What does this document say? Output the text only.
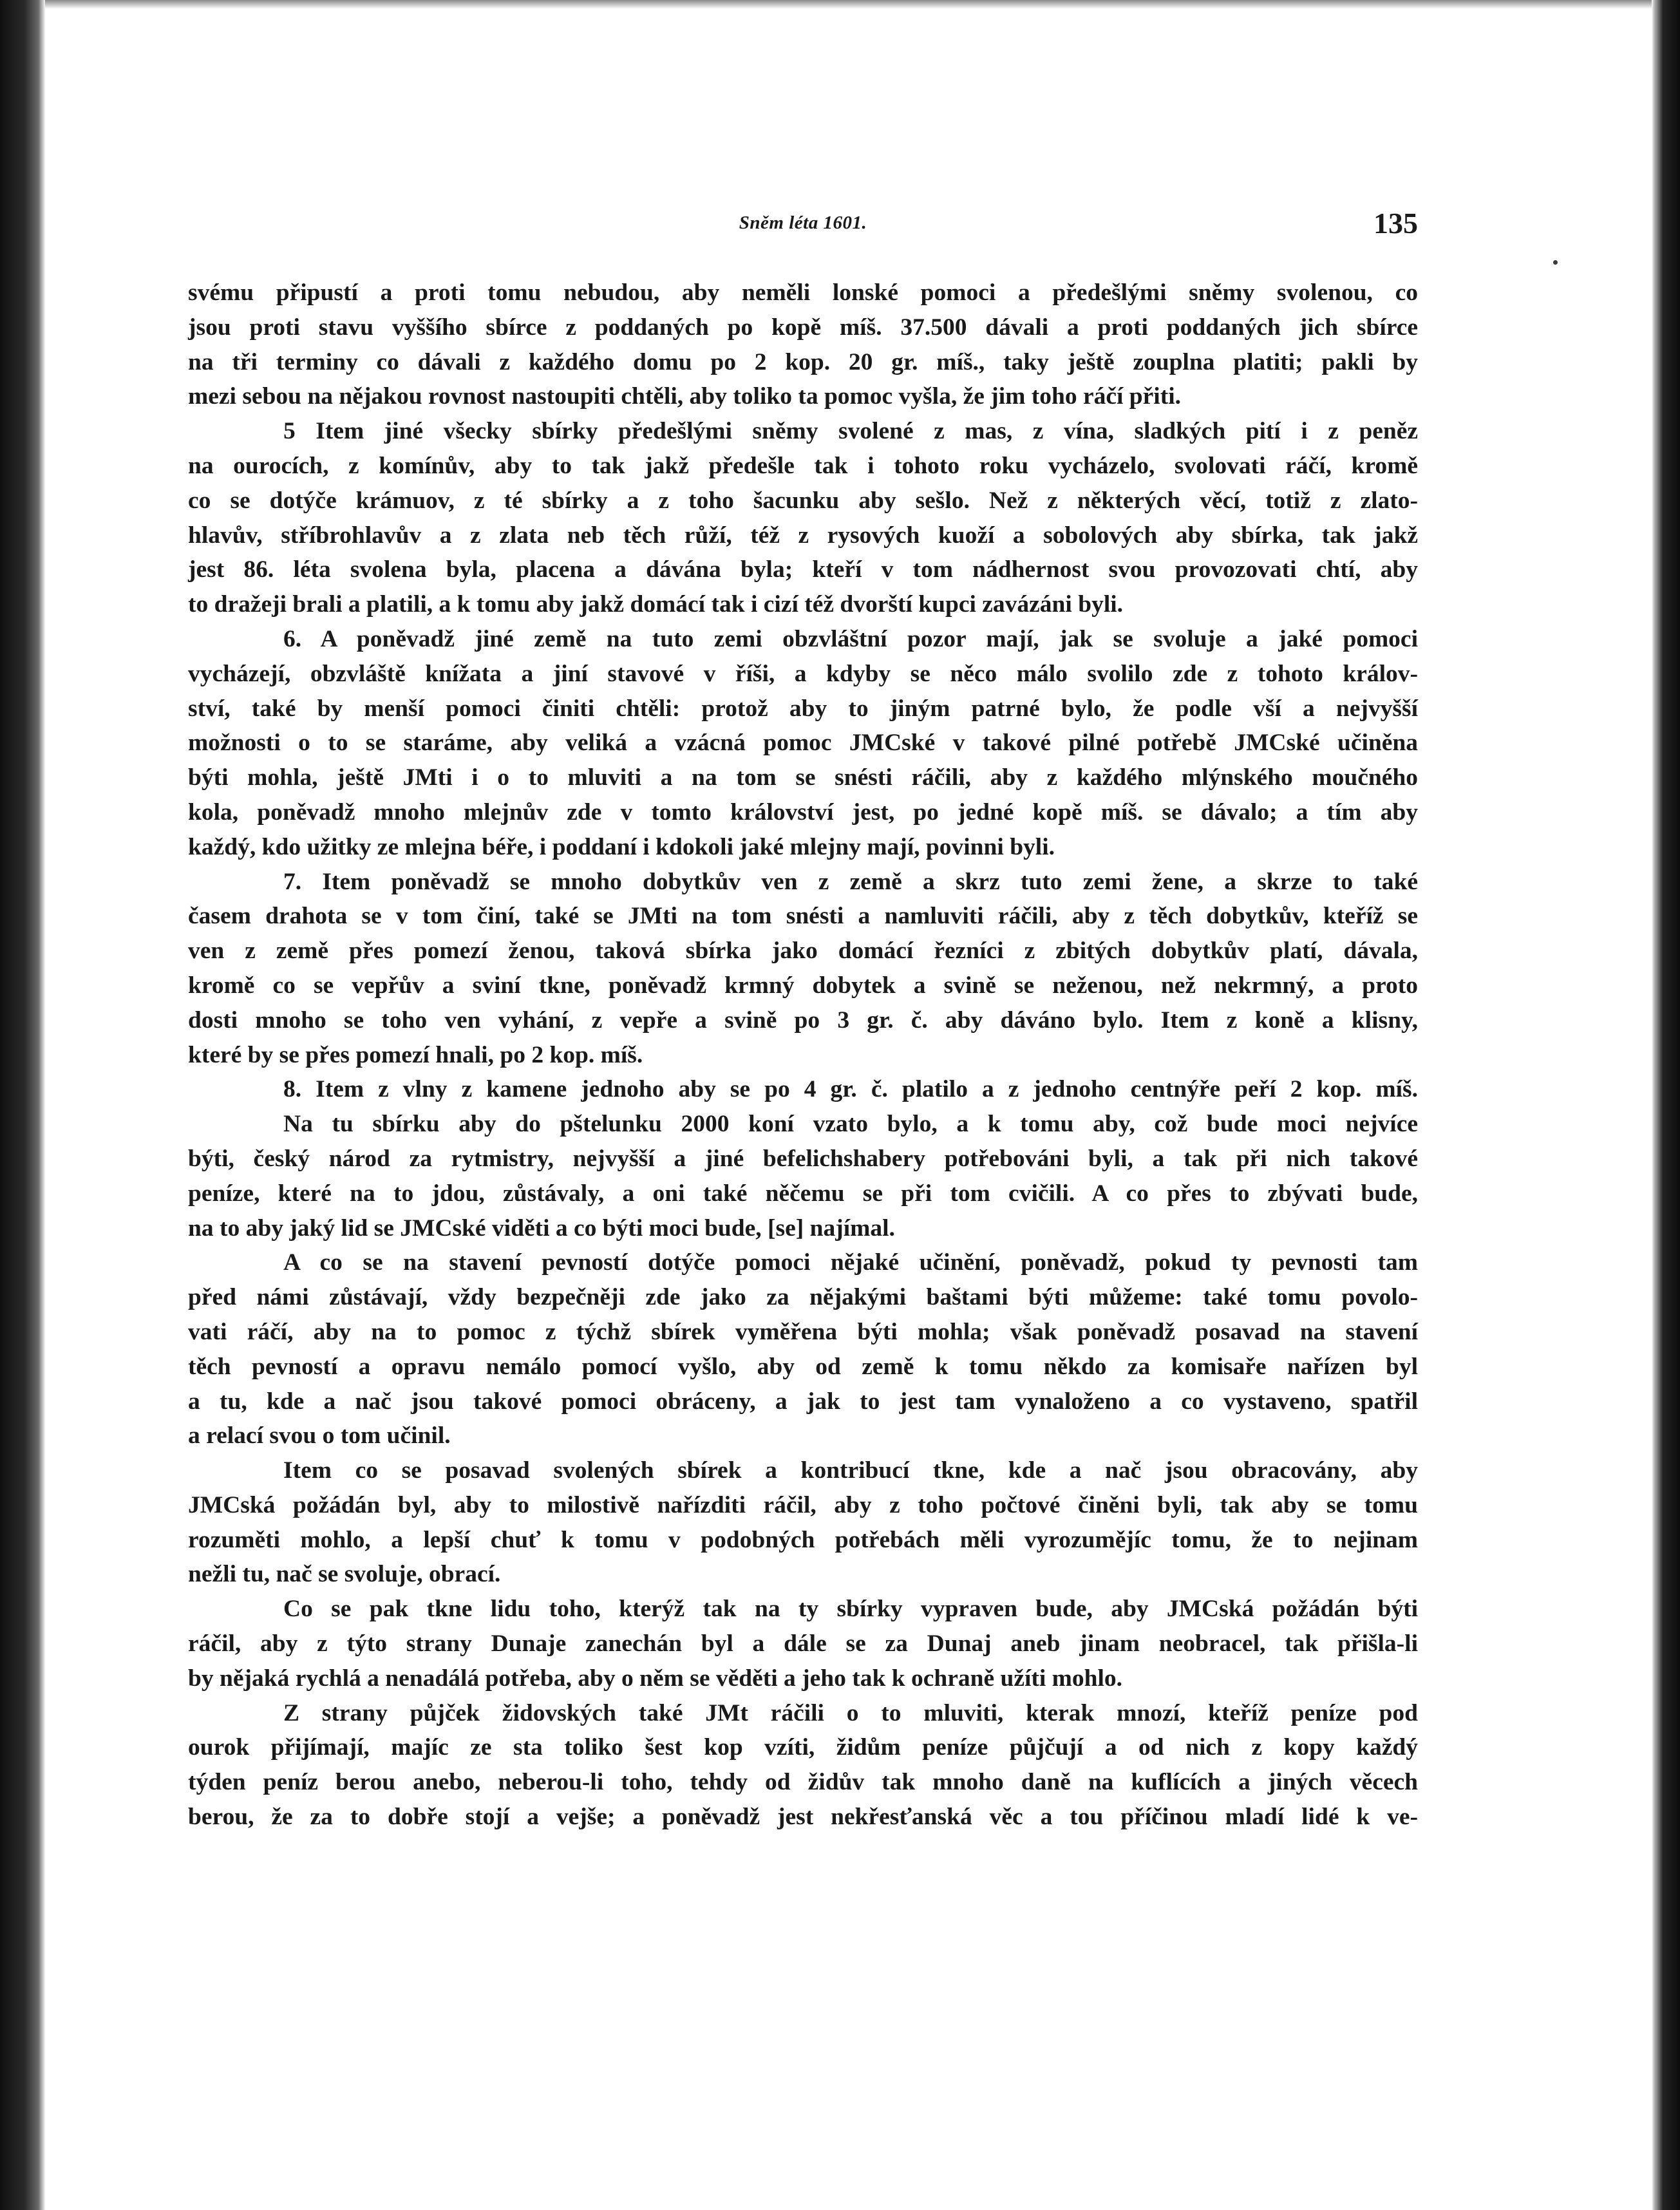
Sněm léta 1601.	135
svému připustí a proti tomu nebudou, aby neměli lonské pomoci a předešlými sněmy svolenou, co
jsou proti stavu vyššího sbírce z poddaných po kopě míš. 37.500 dávali a proti poddaných jich sbírce
na tři terminy co dávali z každého domu po 2 kop. 20 gr. míš., taky ještě zouplna platiti; pakli by
mezi sebou na nějakou rovnost nastoupiti chtěli, aby toliko ta pomoc vyšla, že jim toho ráčí přiti.
5 Item jiné všecky sbírky předešlými sněmy svolené z mas, z vína, sladkých pití i z peněz
na ourocích, z komínův, aby to tak jakž předešle tak i tohoto roku vycházelo, svolovati ráčí, kromě
co se dotýče krámuov, z té sbírky a z toho šacunku aby sešlo. Než z některých věcí, totiž z zlato-
hlavův, stříbrohlavův a z zlata neb těch růží, též z rysových kuoží a sobolových aby sbírka, tak jakž
jest 86. léta svolena byla, placena a dávána byla; kteří v tom nádhernost svou provozovati chtí, aby
to dražeji brali a platili, a k tomu aby jakž domácí tak i cizí též dvorští kupci zavázáni byli.
6. A poněvadž jiné země na tuto zemi obzvláštní pozor mají, jak se svoluje a jaké pomoci
vycházejí, obzvláště knížata a jiní stavové v říši, a kdyby se něco málo svolilo zde z tohoto králov-
ství, také by menší pomoci činiti chtěli: protož aby to jiným patrné bylo, že podle vší a nejvyšší
možnosti o to se staráme, aby veliká a vzácná pomoc JMCské v takové pilné potřebě JMCské učiněna
býti mohla, ještě JMti i o to mluviti a na tom se snésti ráčili, aby z každého mlýnského moučného
kola, poněvadž mnoho mlejnův zde v tomto království jest, po jedné kopě míš. se dávalo; a tím aby
každý, kdo užitky ze mlejna béře, i poddaní i kdokoli jaké mlejny mají, povinni byli.
7. Item poněvadž se mnoho dobytkův ven z země a skrz tuto zemi žene, a skrze to také
časem drahota se v tom činí, také se JMti na tom snésti a namluviti ráčili, aby z těch dobytkův, kteříž se
ven z země přes pomezí ženou, taková sbírka jako domácí řezníci z zbitých dobytkův platí, dávala,
kromě co se vepřův a sviní tkne, poněvadž krmný dobytek a svině se neženou, než nekrmný, a proto
dosti mnoho se toho ven vyhání, z vepře a svině po 3 gr. č. aby dáváno bylo. Item z koně a klisny,
které by se přes pomezí hnali, po 2 kop. míš.
8. Item z vlny z kamene jednoho aby se po 4 gr. č. platilo a z jednoho centnýře peří 2 kop. míš.
Na tu sbírku aby do pštelunku 2000 koní vzato bylo, a k tomu aby, což bude moci nejvíce
býti, český národ za rytmistry, nejvyšší a jiné befelichshabery potřebováni byli, a tak při nich takové
peníze, které na to jdou, zůstávaly, a oni také něčemu se při tom cvičili. A co přes to zbývati bude,
na to aby jaký lid se JMCské viděti a co býti moci bude, [se] najímal.
A co se na stavení pevností dotýče pomoci nějaké učinění, poněvadž, pokud ty pevnosti tam
před námi zůstávají, vždy bezpečněji zde jako za nějakými baštami býti můžeme: také tomu povolo-
vati ráčí, aby na to pomoc z týchž sbírek vyměřena býti mohla; však poněvadž posavad na stavení
těch pevností a opravu nemálo pomocí vyšlo, aby od země k tomu někdo za komisaře nařízen byl
a tu, kde a nač jsou takové pomoci obráceny, a jak to jest tam vynaloženo a co vystaveno, spatřil
a relací svou o tom učinil.
Item co se posavad svolených sbírek a kontribucí tkne, kde a nač jsou obracovány, aby
JMCská požádán byl, aby to milostivě nařízditi ráčil, aby z toho počtové činěni byli, tak aby se tomu
rozuměti mohlo, a lepší chuť k tomu v podobných potřebách měli vyrozumějíc tomu, že to nejinam
nežli tu, nač se svoluje, obrací.
Co se pak tkne lidu toho, kterýž tak na ty sbírky vypraven bude, aby JMCská požádán býti
ráčil, aby z týto strany Dunaje zanechán byl a dále se za Dunaj aneb jinam neobracel, tak přišla-li
by nějaká rychlá a nenadálá potřeba, aby o něm se věděti a jeho tak k ochraně užíti mohlo.
Z strany půjček židovských také JMt ráčili o to mluviti, kterak mnozí, kteříž peníze pod
ourok přijímají, majíc ze sta toliko šest kop vzíti, židům peníze půjčují a od nich z kopy každý
týden peníz berou anebo, neberou-li toho, tehdy od židův tak mnoho daně na kuflících a jiných věcech
berou, že za to dobře stojí a vejše; a poněvadž jest nekřesťanská věc a tou příčinou mladí lidé k ve-
